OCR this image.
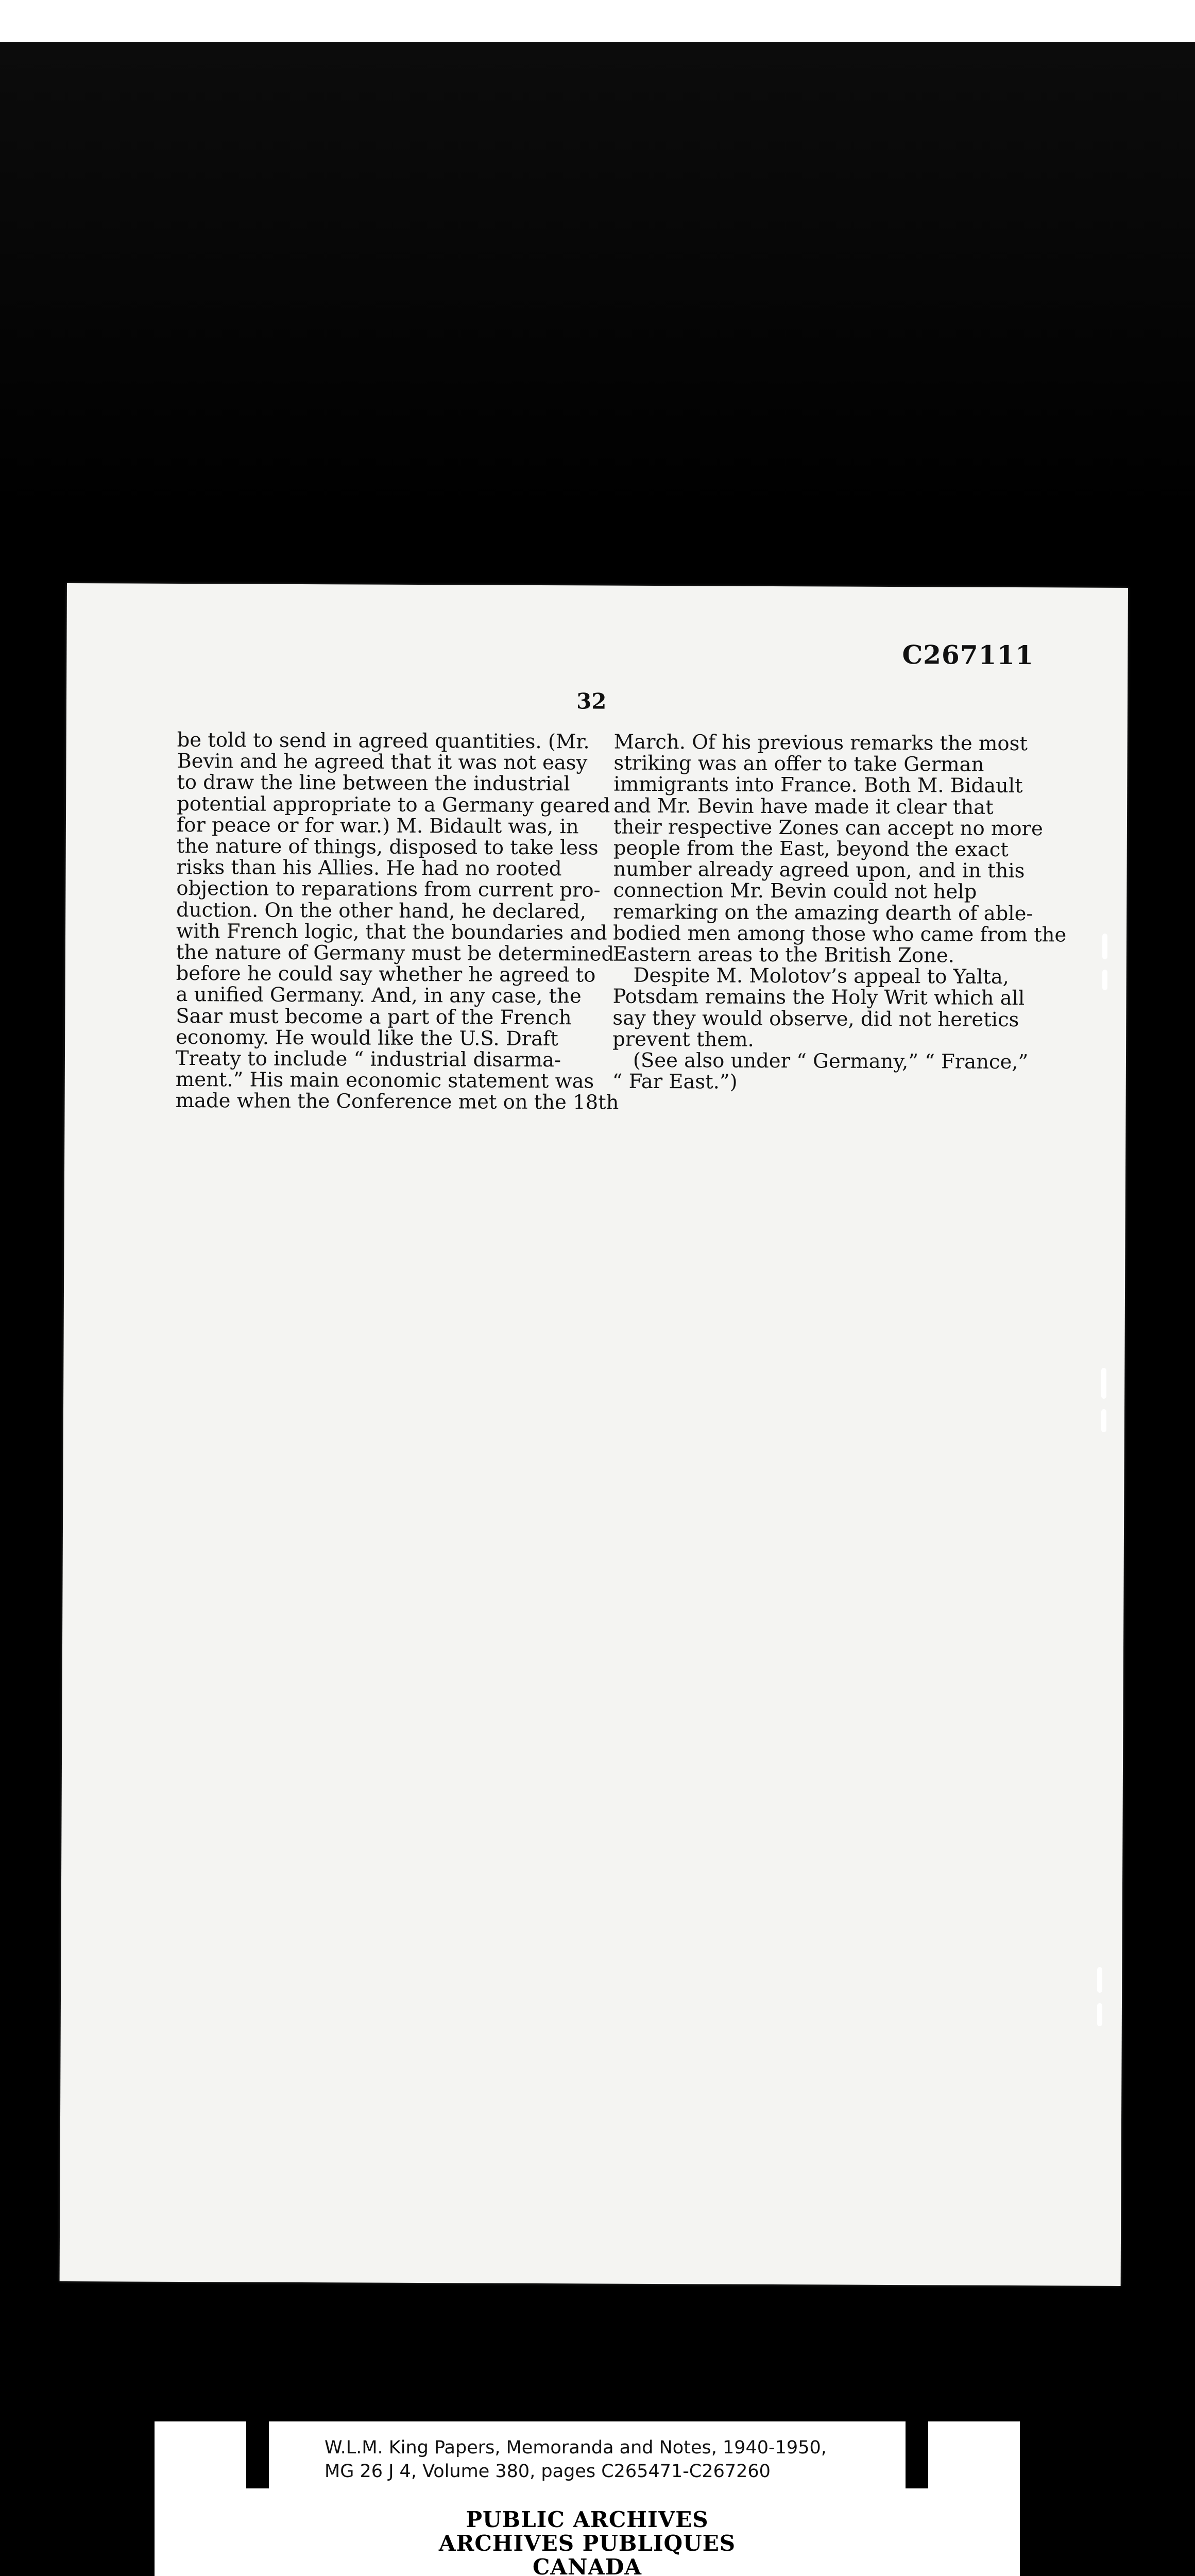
C267111
32
be told to send in agreed quantities. (Mr.
Bevin and he agreed that it was not easy
to draw the line between the industrial
potential appropriate to a Germany geared
for peace or for war.) M. Bidault was, in
the nature of things, disposed to take less
risks than his Allies. He had no rooted
objection to reparations from current pro-
duction. On the other hand, he declared,
with French logic, that the boundaries and
the nature of Germany must be determined
before he could say whether he agreed to
a unified Germany. And, in any case, the
Saar must become a part of the French
economy. He would like the U.S. Draft
Treaty to include “ industrial disarma-
ment.” His main economic statement was
made when the Conference met on the 18th
March. Of his previous remarks the most
striking was an offer to take German
immigrants into France. Both M. Bidault
and Mr. Bevin have made it clear that
their respective Zones can accept no more
people from the East, beyond the exact
number already agreed upon, and in this
connection Mr. Bevin could not help
remarking on the amazing dearth of able-
bodied men among those who came from the
Eastern areas to the British Zone.
Despite M. Molotov’s appeal to Yalta,
Potsdam remains the Holy Writ which all
say they would observe, did not heretics
prevent them.
(See also under “ Germany,” “ France,”
“ Far East.”)
W.L.M. King Papers, Memoranda and Notes, 1940-1950,
MG 26 J 4, Volume 380, pages C265471-C267260
PUBLIC ARCHIVES
ARCHIVES PUBLIQUES
CANADA
